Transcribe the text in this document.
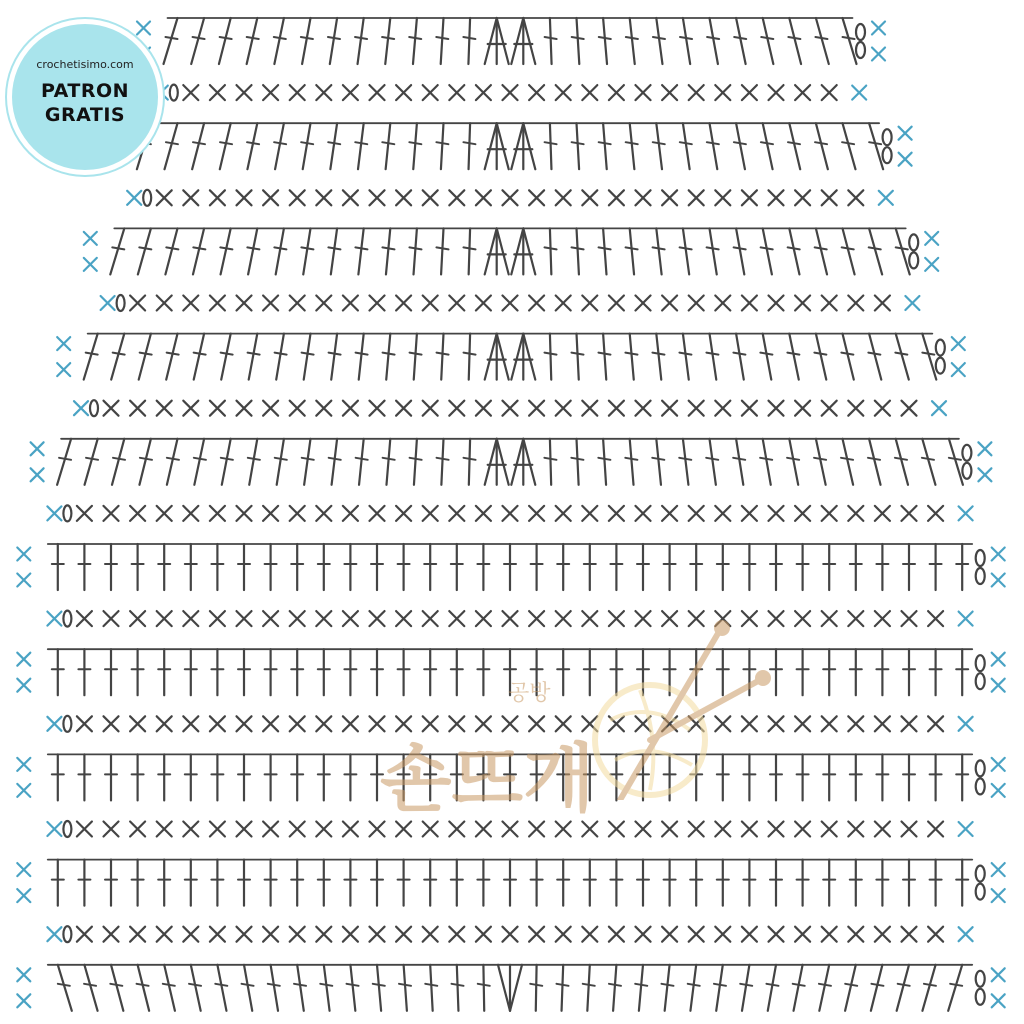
crochetisimo.com
PATRON
GRATIS
공방
손뜨개
